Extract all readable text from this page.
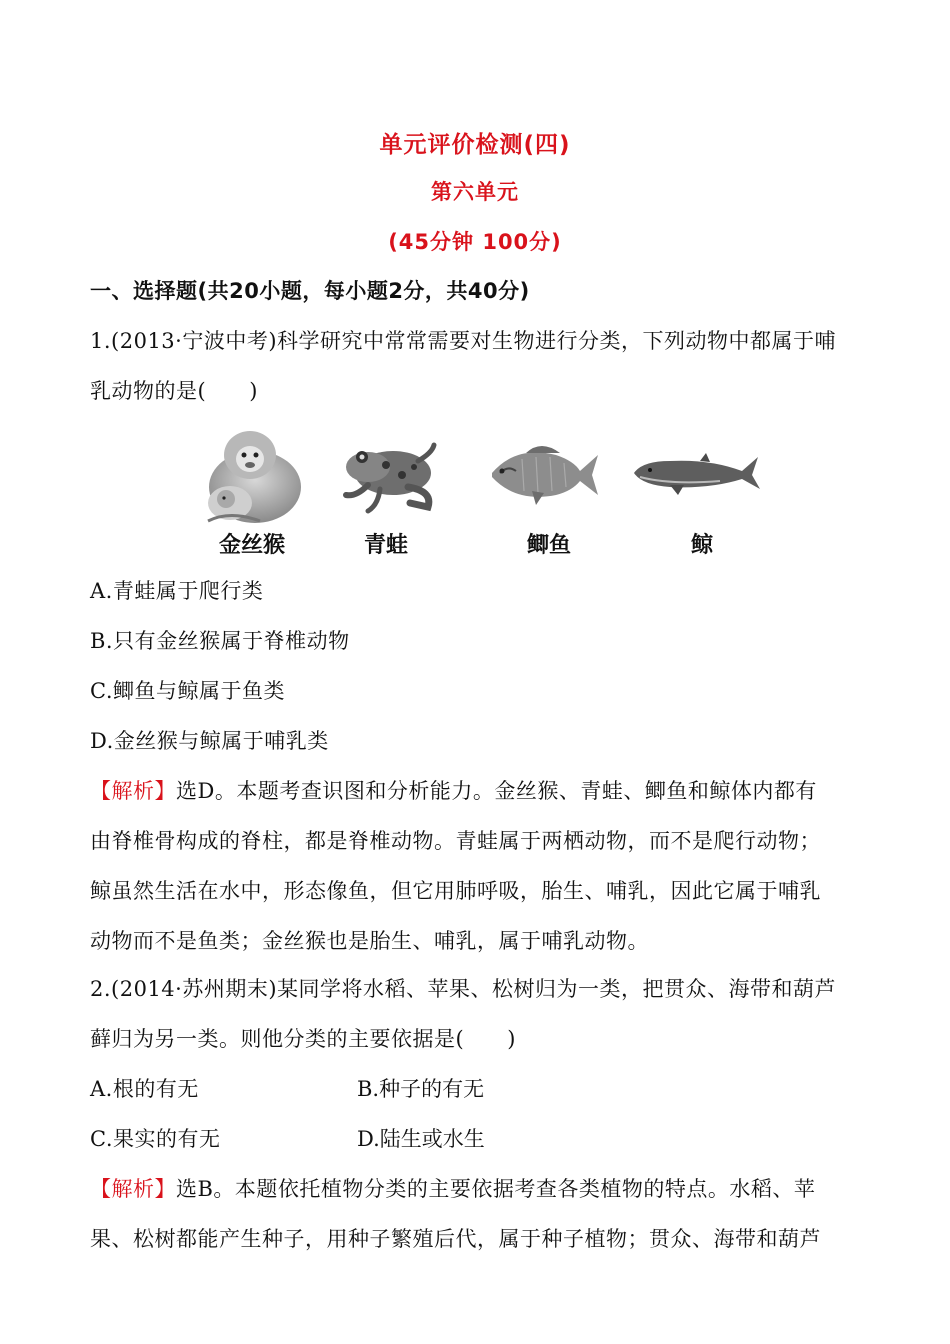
单元评价检测(四)
第六单元
(45分钟 100分)
一、选择题(共20小题，每小题2分，共40分)
1.(2013·宁波中考)科学研究中常常需要对生物进行分类，下列动物中都属于哺
乳动物的是(　　)
金丝猴	青蛙	鲫鱼	鲸
A.青蛙属于爬行类
B.只有金丝猴属于脊椎动物
C.鲫鱼与鲸属于鱼类
D.金丝猴与鲸属于哺乳类
【解析】选D。本题考查识图和分析能力。金丝猴、青蛙、鲫鱼和鲸体内都有
由脊椎骨构成的脊柱，都是脊椎动物。青蛙属于两栖动物，而不是爬行动物；
鲸虽然生活在水中，形态像鱼，但它用肺呼吸，胎生、哺乳，因此它属于哺乳
动物而不是鱼类；金丝猴也是胎生、哺乳，属于哺乳动物。
2.(2014·苏州期末)某同学将水稻、苹果、松树归为一类，把贯众、海带和葫芦
藓归为另一类。则他分类的主要依据是(　　)
A.根的有无	B.种子的有无
C.果实的有无	D.陆生或水生
【解析】选B。本题依托植物分类的主要依据考查各类植物的特点。水稻、苹
果、松树都能产生种子，用种子繁殖后代，属于种子植物；贯众、海带和葫芦
